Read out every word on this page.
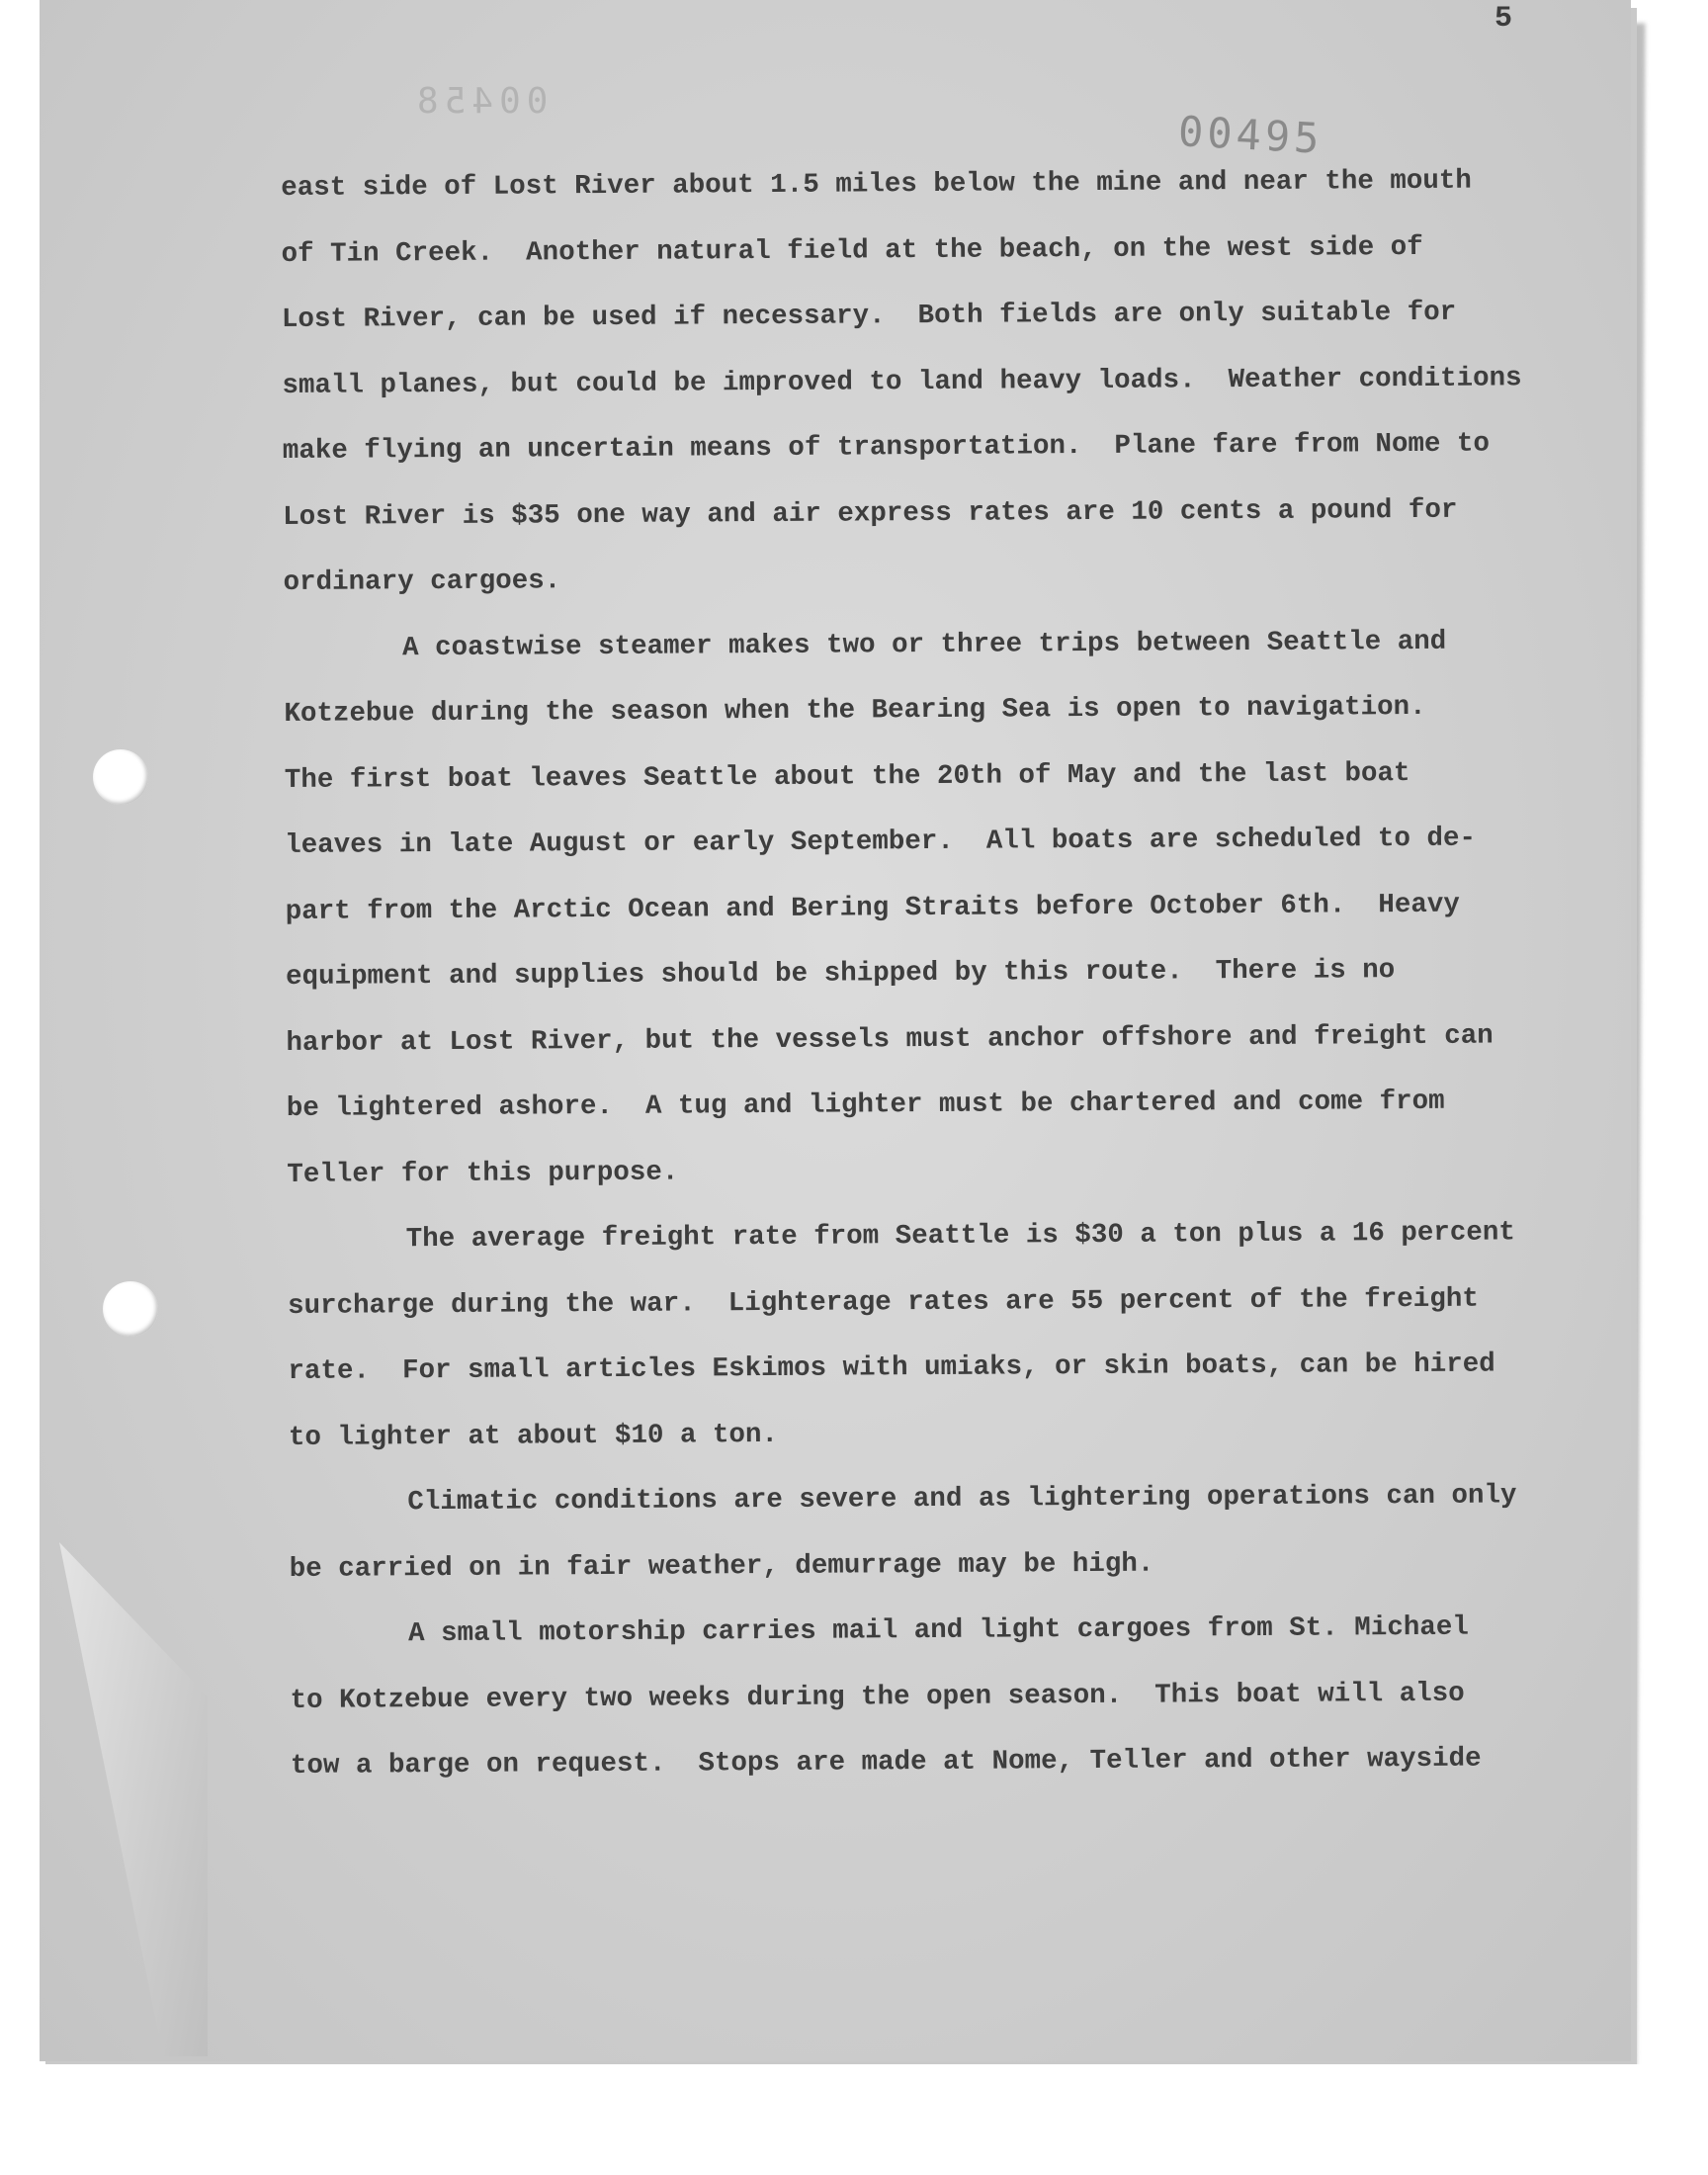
00458
00495
5

east side of Lost River about 1.5 miles below the mine and near the mouth

of Tin Creek.  Another natural field at the beach, on the west side of

Lost River, can be used if necessary.  Both fields are only suitable for

small planes, but could be improved to land heavy loads.  Weather conditions

make flying an uncertain means of transportation.  Plane fare from Nome to

Lost River is $35 one way and air express rates are 10 cents a pound for

ordinary cargoes.

A coastwise steamer makes two or three trips between Seattle and

Kotzebue during the season when the Bearing Sea is open to navigation.

The first boat leaves Seattle about the 20th of May and the last boat

leaves in late August or early September.  All boats are scheduled to de-

part from the Arctic Ocean and Bering Straits before October 6th.  Heavy

equipment and supplies should be shipped by this route.  There is no

harbor at Lost River, but the vessels must anchor offshore and freight can

be lightered ashore.  A tug and lighter must be chartered and come from

Teller for this purpose.

The average freight rate from Seattle is $30 a ton plus a 16 percent

surcharge during the war.  Lighterage rates are 55 percent of the freight

rate.  For small articles Eskimos with umiaks, or skin boats, can be hired

to lighter at about $10 a ton.

Climatic conditions are severe and as lightering operations can only

be carried on in fair weather, demurrage may be high.

A small motorship carries mail and light cargoes from St. Michael

to Kotzebue every two weeks during the open season.  This boat will also

tow a barge on request.  Stops are made at Nome, Teller and other wayside
